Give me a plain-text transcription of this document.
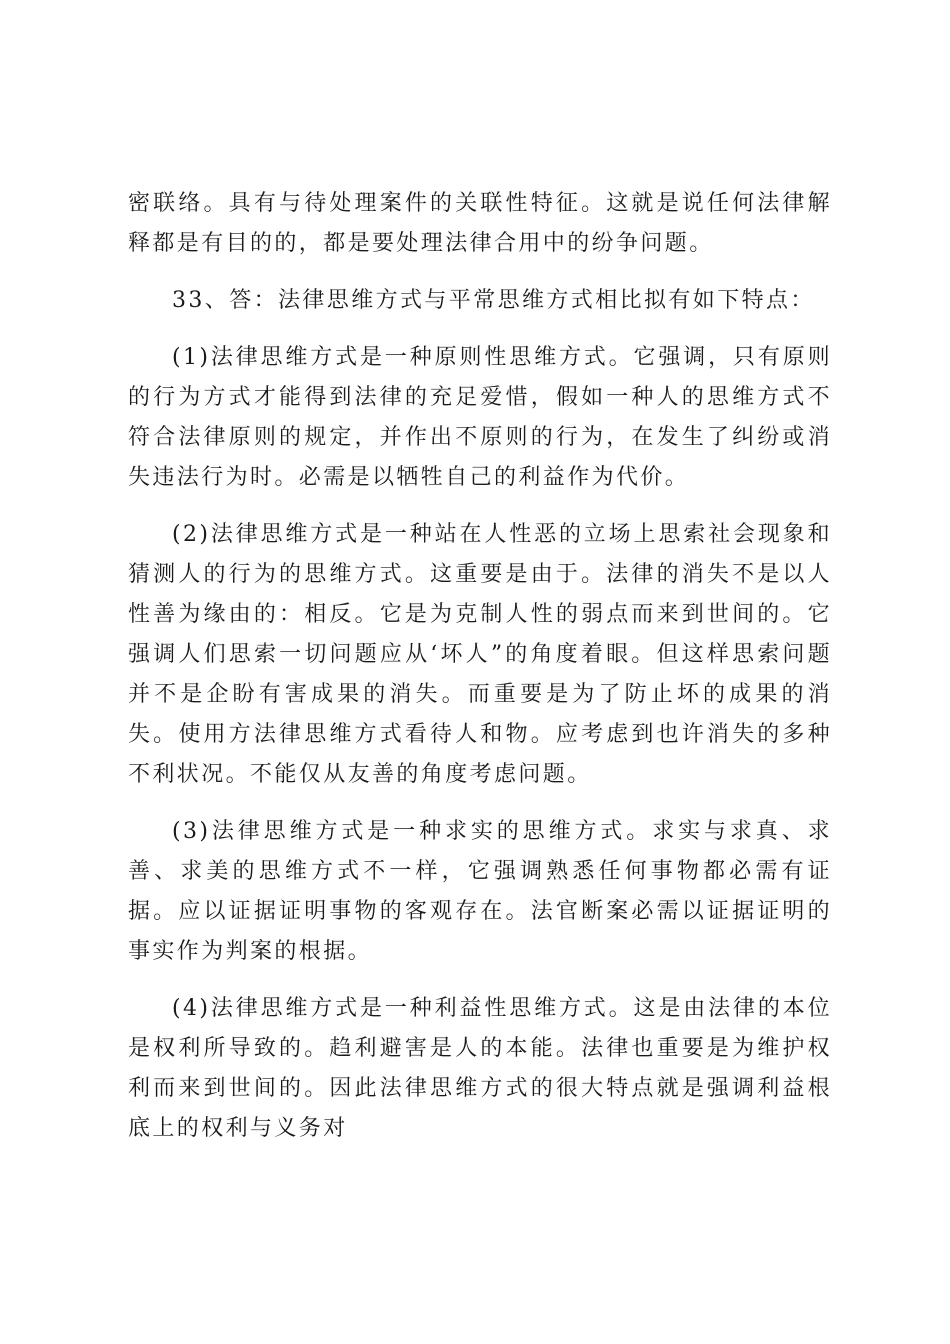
密联络。具有与待处理案件的关联性特征。这就是说任何法律解释都是有目的的，都是要处理法律合用中的纷争问题。

33、答：法律思维方式与平常思维方式相比拟有如下特点：

(1)法律思维方式是一种原则性思维方式。它强调，只有原则的行为方式才能得到法律的充足爱惜，假如一种人的思维方式不符合法律原则的规定，并作出不原则的行为，在发生了纠纷或消失违法行为时。必需是以牺牲自己的利益作为代价。

(2)法律思维方式是一种站在人性恶的立场上思索社会现象和猜测人的行为的思维方式。这重要是由于。法律的消失不是以人性善为缘由的：相反。它是为克制人性的弱点而来到世间的。它强调人们思索一切问题应从‘坏人”的角度着眼。但这样思索问题并不是企盼有害成果的消失。而重要是为了防止坏的成果的消失。使用方法律思维方式看待人和物。应考虑到也许消失的多种不利状况。不能仅从友善的角度考虑问题。

(3)法律思维方式是一种求实的思维方式。求实与求真、求善、求美的思维方式不一样，它强调熟悉任何事物都必需有证据。应以证据证明事物的客观存在。法官断案必需以证据证明的事实作为判案的根据。

(4)法律思维方式是一种利益性思维方式。这是由法律的本位是权利所导致的。趋利避害是人的本能。法律也重要是为维护权利而来到世间的。因此法律思维方式的很大特点就是强调利益根底上的权利与义务对
